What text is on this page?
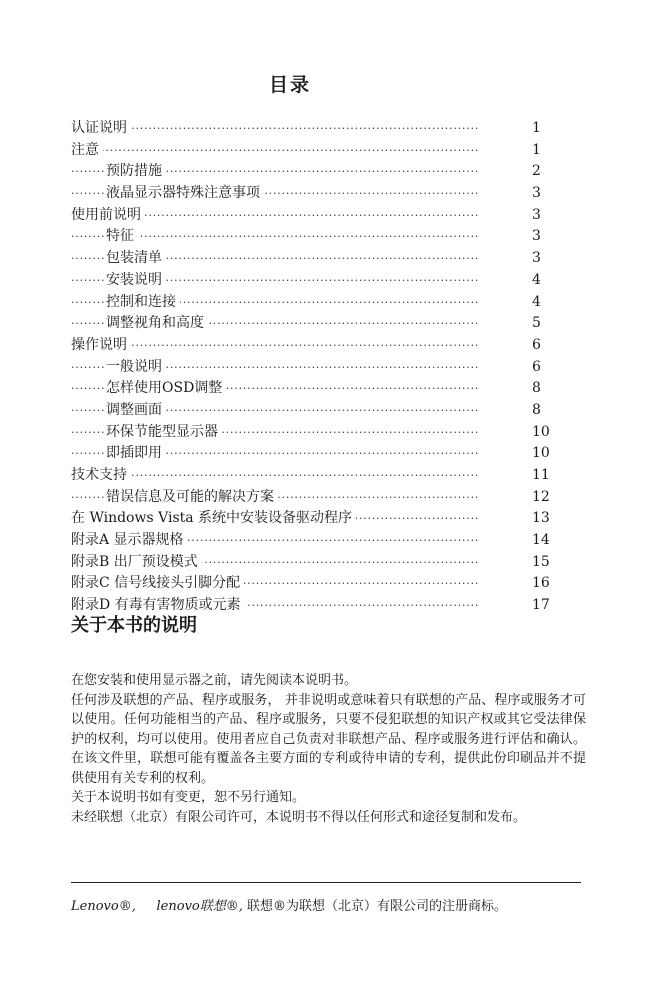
目录
·····
认证说明	1
·····
注意	1
·····
预防措施	2
·····
液晶显示器特殊注意事项	3
·····
使用前说明	3
·····
特征	3
·····
包装清单	3
·····
安装说明	4
·····
控制和连接	4
·····
调整视角和高度	5
·····
操作说明	6
·····
一般说明	6
·····
怎样使用OSD调整	8
·····
调整画面	8
·····
环保节能型显示器	10
·····
即插即用	10
·····
技术支持	11
·····
错误信息及可能的解决方案	12
·····
在 Windows Vista 系统中安装设备驱动程序	13
·····
附录A 显示器规格	14
·····
附录B 出厂预设模式	15
·····
附录C 信号线接头引脚分配	16
·····
附录D 有毒有害物质或元素	17
关于本书的说明

在您安装和使用显示器之前，请先阅读本说明书。

任何涉及联想的产品、程序或服务， 并非说明或意味着只有联想的产品、程序或服务才可以使用。任何功能相当的产品、程序或服务，只要不侵犯联想的知识产权或其它受法律保护的权利，均可以使用。使用者应自己负责对非联想产品、程序或服务进行评估和确认。在该文件里，联想可能有覆盖各主要方面的专利或待申请的专利，提供此份印刷品并不提供使用有关专利的权利。

关于本说明书如有变更，恕不另行通知。

未经联想（北京）有限公司许可，本说明书不得以任何形式和途径复制和发布。

Lenovo®, lenovo联想®, 联想®为联想（北京）有限公司的注册商标。
